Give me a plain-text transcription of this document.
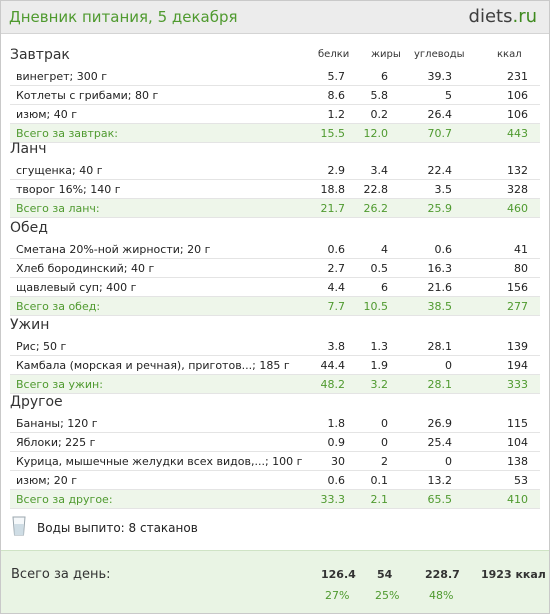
Дневник питания, 5 декабря	diets.ru
белки жиры углеводы	ккал
Воды выпито: 8 стаканов
Завтрак
винегрет; 300 г	5.7	6	39.3	231
Котлеты с грибами; 80 г	8.6 5.8	5	106
изюм; 40 г	1.2 0.2	26.4	106
Всего за завтрак:	15.5 12.0	70.7	443
Ланч
сгущенка; 40 г	2.9 3.4	22.4	132
творог 16%; 140 г	18.8 22.8	3.5	328
Всего за ланч:	21.7 26.2	25.9	460
Обед
Сметана 20%-ной жирности; 20 г	0.6	4	0.6	41
Хлеб бородинский; 40 г	2.7 0.5	16.3	80
щавлевый суп; 400 г	4.4	6	21.6	156
Всего за обед:	7.7 10.5	38.5	277
Ужин
Рис; 50 г	3.8 1.3	28.1	139
Камбала (морская и речная), приготов...; 185 г	44.4 1.9	0	194
Всего за ужин:	48.2 3.2	28.1	333
Другое
Бананы; 120 г	1.8	0	26.9	115
Яблоки; 225 г	0.9	0	25.4	104
Курица, мышечные желудки всех видов,...; 100 г	30	2	0	138
изюм; 20 г	0.6 0.1	13.2	53
Всего за другое:	33.3 2.1	65.5	410
Всего за день:	126.4 54	228.7 1923 ккал
27% 25%	48%
